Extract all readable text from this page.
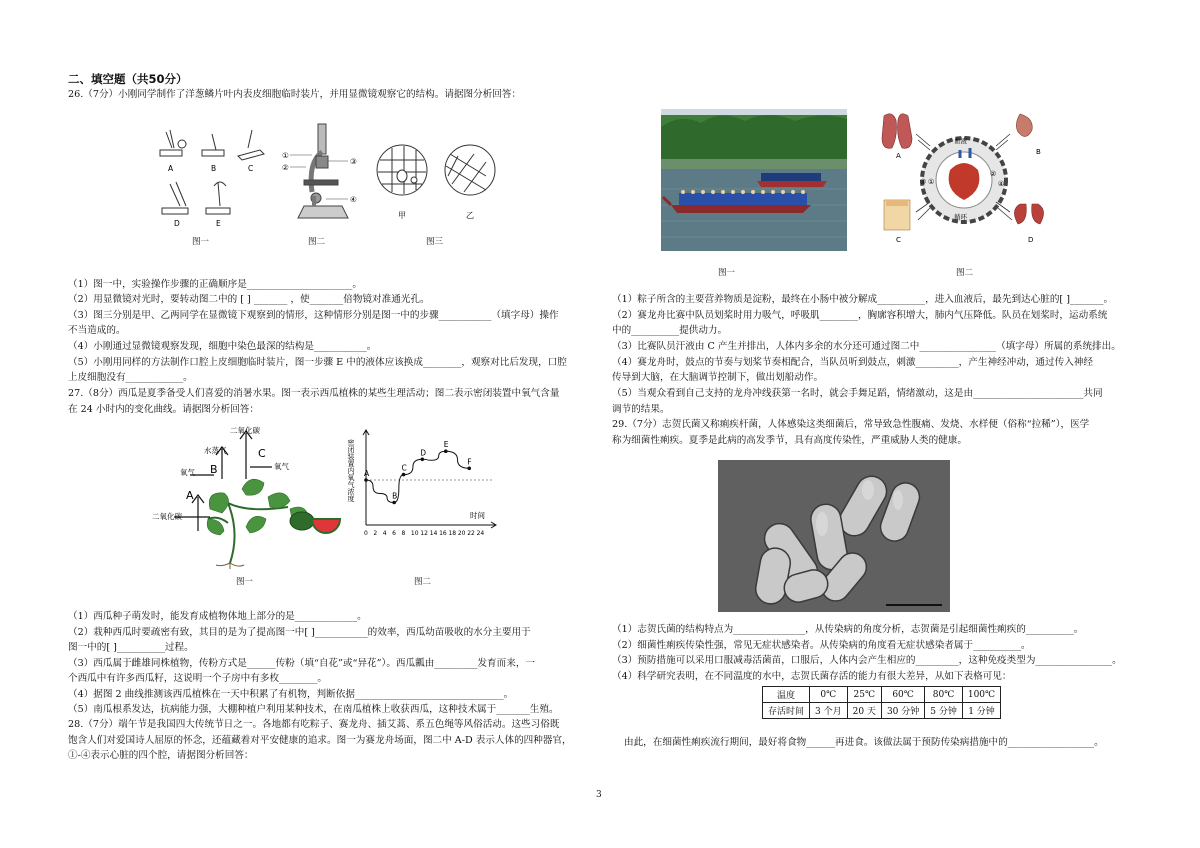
二、填空题（共50分）
26.（7分）小刚同学制作了洋葱鳞片叶内表皮细胞临时装片，并用显微镜观察它的结构。请据图分析回答：
A	B	C
D	E
图一
①
②
③
④
图二
甲	乙
图三
（1）图一中，实验操作步骤的正确顺序是______________________。
（2）用显微镜对光时，要转动图二中的 [ ] _______ ，使_______倍物镜对准通光孔。
（3）图三分别是甲、乙两同学在显微镜下观察到的情形，这种情形分别是图一中的步骤___________（填字母）操作
不当造成的。
（4）小刚通过显微镜观察发现，细胞中染色最深的结构是___________。
（5）小刚用同样的方法制作口腔上皮细胞临时装片，图一步骤 E 中的液体应该换成________，观察对比后发现，口腔
上皮细胞没有____________。
27.（8分）西瓜是夏季备受人们喜爱的消暑水果。图一表示西瓜植株的某些生理活动；图二表示密闭装置中氧气含量
在 24 小时内的变化曲线。请据图分析回答：
二氧化碳
水蒸气
氧气
氧气
二氧化碳
A
B
C
图一
A
B
C
D
E
F
0 2 4 6 8 10 12 14 16 18 20 22 24
密闭装置内氧气浓度
时间
图二
（1）西瓜种子萌发时，能发育成植物体地上部分的是_____________。
（2）栽种西瓜时要疏密有致，其目的是为了提高图一中[ ]___________的效率，西瓜幼苗吸收的水分主要用于
图一中的[ ]__________过程。
（3）西瓜属于雌雄同株植物，传粉方式是______传粉（填“自花”或“异花”）。西瓜瓤由_________发育而来，一
个西瓜中有许多西瓜籽，这说明一个子房中有多枚________。
（4）据图 2 曲线推测该西瓜植株在一天中积累了有机物，判断依据_______________________________。
（5）南瓜根系发达，抗病能力强，大棚种植户利用某种技术，在南瓜植株上收获西瓜，这种技术属于_______生殖。
28.（7分）端午节是我国四大传统节日之一。各地都有吃粽子、赛龙舟、插艾蒿、系五色绳等风俗活动。这些习俗既
饱含人们对爱国诗人屈原的怀念，还蕴藏着对平安健康的追求。图一为赛龙舟场面，图二中 A-D 表示人体的四种器官，
①-④表示心脏的四个腔，请据图分析回答：
图一
血液
循环
①
②
③	④
A	B
C	D
图二
（1）粽子所含的主要营养物质是淀粉，最终在小肠中被分解成__________，进入血液后，最先到达心脏的[ ]_______。
（2）赛龙舟比赛中队员划桨时用力吸气，呼吸肌________，胸廓容积增大，肺内气压降低。队员在划桨时，运动系统
中的__________提供动力。
（3）比赛队员汗液由 C 产生并排出，人体内多余的水分还可通过图二中________________（填字母）所属的系统排出。
（4）赛龙舟时，鼓点的节奏与划桨节奏相配合，当队员听到鼓点，刺激_________，产生神经冲动，通过传入神经
传导到大脑，在大脑调节控制下，做出划船动作。
（5）当观众看到自己支持的龙舟冲线获第一名时，就会手舞足蹈，情绪激动，这是由_______________________共同
调节的结果。
29.（7分）志贺氏菌又称痢疾杆菌，人体感染这类细菌后，常导致急性腹痛、发烧、水样便（俗称“拉稀”），医学
称为细菌性痢疾。夏季是此病的高发季节，具有高度传染性，严重威胁人类的健康。
（1）志贺氏菌的结构特点为_______________，从传染病的角度分析，志贺菌是引起细菌性痢疾的__________。
（2）细菌性痢疾传染性强，常见无症状感染者。从传染病的角度看无症状感染者属于__________。
（3）预防措施可以采用口服减毒活菌苗，口服后，人体内会产生相应的_________，这种免疫类型为________________。
（4）科学研究表明，在不同温度的水中，志贺氏菌存活的能力有很大差异，从如下表格可见：
温度	0℃	25℃	60℃	80℃	100℃
存活时间	3 个月	20 天	30 分钟	5 分钟	1 分钟
由此，在细菌性痢疾流行期间，最好将食物______再进食。该做法属于预防传染病措施中的__________________。
3
